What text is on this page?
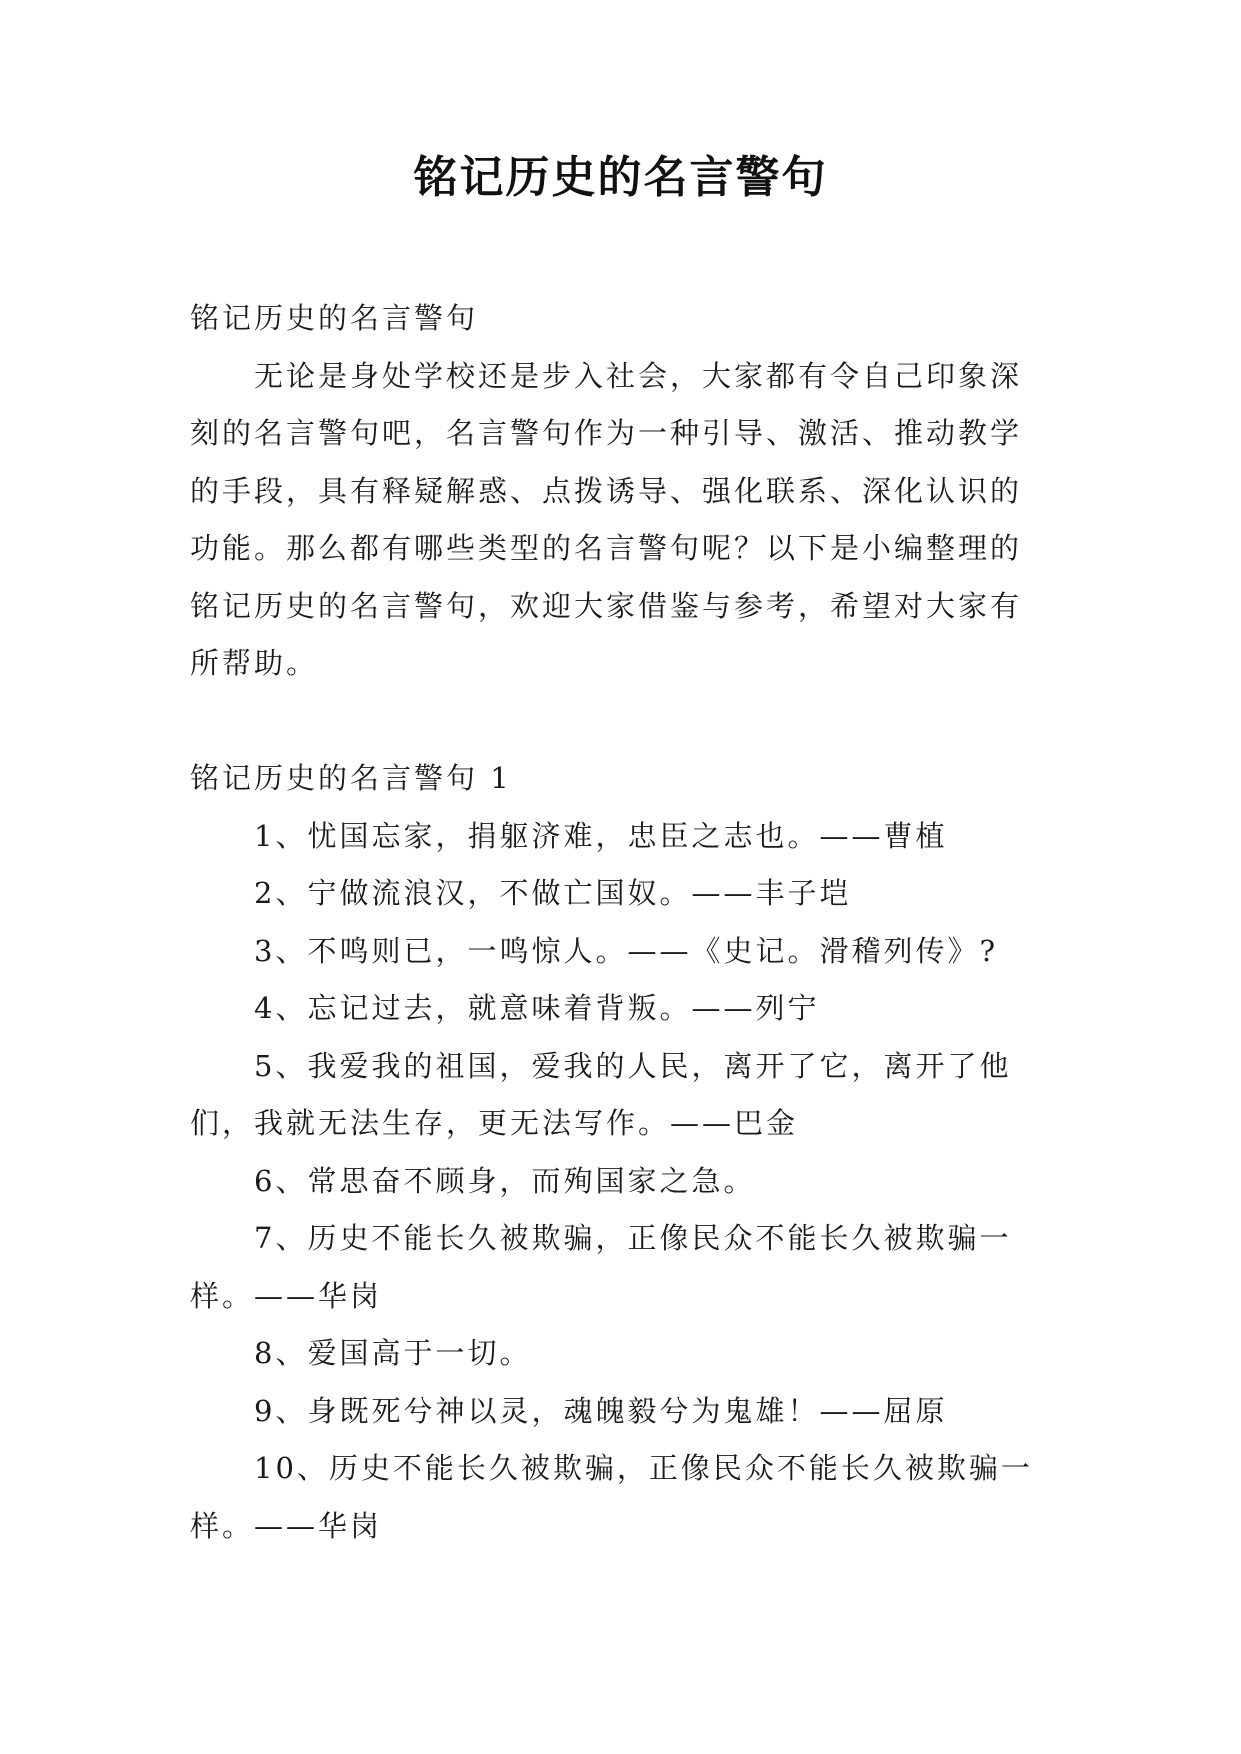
铭记历史的名言警句

铭记历史的名言警句

无论是身处学校还是步入社会，大家都有令自己印象深刻的名言警句吧，名言警句作为一种引导、激活、推动教学的手段，具有释疑解惑、点拨诱导、强化联系、深化认识的功能。那么都有哪些类型的名言警句呢？以下是小编整理的铭记历史的名言警句，欢迎大家借鉴与参考，希望对大家有所帮助。

铭记历史的名言警句 1

1、忧国忘家，捐躯济难，忠臣之志也。——曹植

2、宁做流浪汉，不做亡国奴。——丰子垲

3、不鸣则已，一鸣惊人。——《史记。滑稽列传》?

4、忘记过去，就意味着背叛。——列宁

5、我爱我的祖国，爱我的人民，离开了它，离开了他们，我就无法生存，更无法写作。——巴金

6、常思奋不顾身，而殉国家之急。

7、历史不能长久被欺骗，正像民众不能长久被欺骗一样。——华岗

8、爱国高于一切。

9、身既死兮神以灵，魂魄毅兮为鬼雄！——屈原

10、历史不能长久被欺骗，正像民众不能长久被欺骗一样。——华岗
